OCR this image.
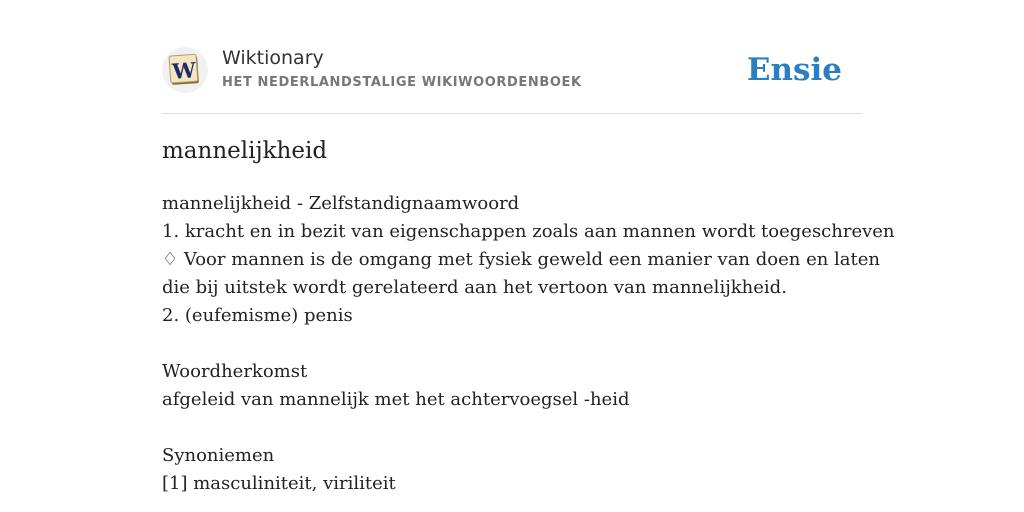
W Wiktionary
HET NEDERLANDSTALIGE WIKIWOORDENBOEK	Ensie
mannelijkheid
mannelijkheid - Zelfstandignaamwoord
1. kracht en in bezit van eigenschappen zoals aan mannen wordt toegeschreven
♢ Voor mannen is de omgang met fysiek geweld een manier van doen en laten
die bij uitstek wordt gerelateerd aan het vertoon van mannelijkheid.
2. (eufemisme) penis
Woordherkomst
afgeleid van mannelijk met het achtervoegsel -heid
Synoniemen
[1] masculiniteit, viriliteit
